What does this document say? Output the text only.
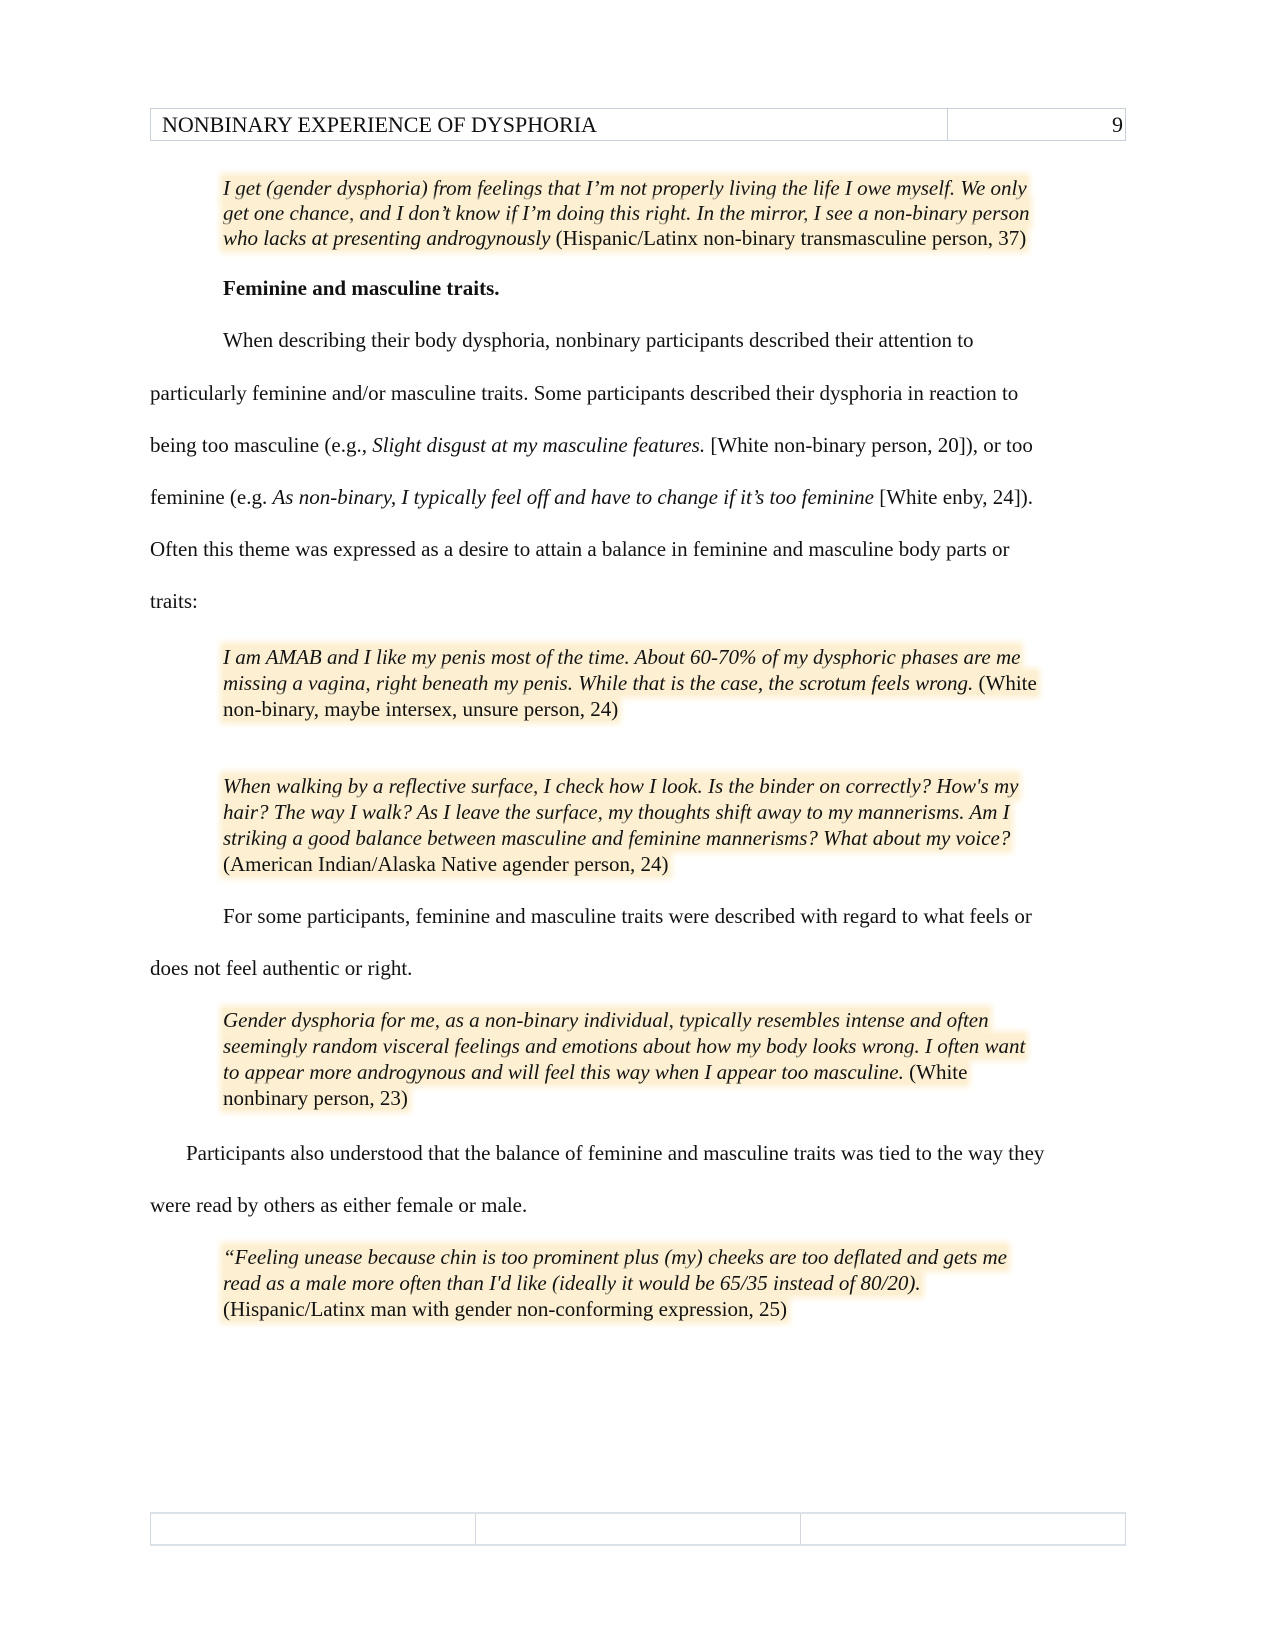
NONBINARY EXPERIENCE OF DYSPHORIA	9
I get (gender dysphoria) from feelings that I’m not properly living the life I owe myself. We only
get one chance, and I don’t know if I’m doing this right. In the mirror, I see a non-binary person
who lacks at presenting androgynously (Hispanic/Latinx non-binary transmasculine person, 37)
Feminine and masculine traits.
When describing their body dysphoria, nonbinary participants described their attention to
particularly feminine and/or masculine traits. Some participants described their dysphoria in reaction to
being too masculine (e.g., Slight disgust at my masculine features. [White non-binary person, 20]), or too
feminine (e.g. As non-binary, I typically feel off and have to change if it’s too feminine [White enby, 24]).
Often this theme was expressed as a desire to attain a balance in feminine and masculine body parts or
traits:
I am AMAB and I like my penis most of the time. About 60-70% of my dysphoric phases are me
missing a vagina, right beneath my penis. While that is the case, the scrotum feels wrong. (White
non-binary, maybe intersex, unsure person, 24)
When walking by a reflective surface, I check how I look. Is the binder on correctly? How's my
hair? The way I walk? As I leave the surface, my thoughts shift away to my mannerisms. Am I
striking a good balance between masculine and feminine mannerisms? What about my voice?
(American Indian/Alaska Native agender person, 24)
For some participants, feminine and masculine traits were described with regard to what feels or
does not feel authentic or right.
Gender dysphoria for me, as a non-binary individual, typically resembles intense and often
seemingly random visceral feelings and emotions about how my body looks wrong. I often want
to appear more androgynous and will feel this way when I appear too masculine. (White
nonbinary person, 23)
Participants also understood that the balance of feminine and masculine traits was tied to the way they
were read by others as either female or male.
“Feeling unease because chin is too prominent plus (my) cheeks are too deflated and gets me
read as a male more often than I'd like (ideally it would be 65/35 instead of 80/20).
(Hispanic/Latinx man with gender non-conforming expression, 25)
